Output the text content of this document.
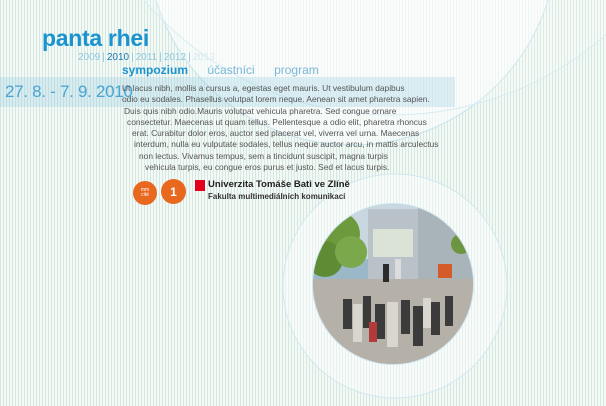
panta rhei
2009 | 2010 | 2011 | 2012 | 2013
sympozium účastníci program
27. 8. - 7. 9. 2010
Ut lacus nibh, mollis a cursus a, egestas eget mauris. Ut vestibulum dapibus
odio eu sodales. Phasellus volutpat lorem neque. Aenean sit amet pharetra sapien.
Duis quis nibh odio.Mauris volutpat vehicula pharetra. Sed congue ornare
consectetur. Maecenas ut quam tellus. Pellentesque a odio elit, pharetra rhoncus
erat. Curabitur dolor eros, auctor sed placerat vel, viverra vel urna. Maecenas
interdum, nulla eu vulputate sodales, tellus neque auctor arcu, in mattis arculectus
non lectus. Vivamus tempus, sem a tincidunt suscipit, magna turpis
vehicula turpis, eu congue eros purus et justo. Sed et lacus turpis.
mm
cité 1	Univerzita Tomáše Bati ve Zlíně
Fakulta multimediálních komunikací
